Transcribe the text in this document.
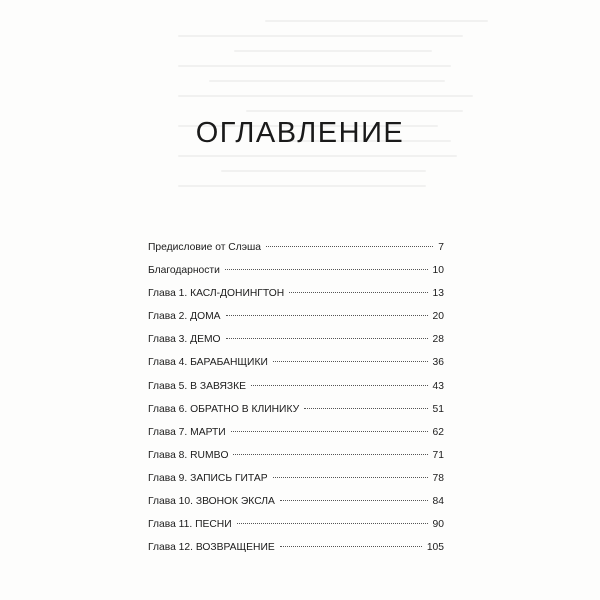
ОГЛАВЛЕНИЕ
Предисловие от Слэша	7
Благодарности	10
Глава 1. КАСЛ-ДОНИНГТОН	13
Глава 2. ДОМА	20
Глава 3. ДЕМО	28
Глава 4. БАРАБАНЩИКИ	36
Глава 5. В ЗАВЯЗКЕ	43
Глава 6. ОБРАТНО В КЛИНИКУ	51
Глава 7. МАРТИ	62
Глава 8. RUMBO	71
Глава 9. ЗАПИСЬ ГИТАР	78
Глава 10. ЗВОНОК ЭКСЛА	84
Глава 11. ПЕСНИ	90
Глава 12. ВОЗВРАЩЕНИЕ	105
